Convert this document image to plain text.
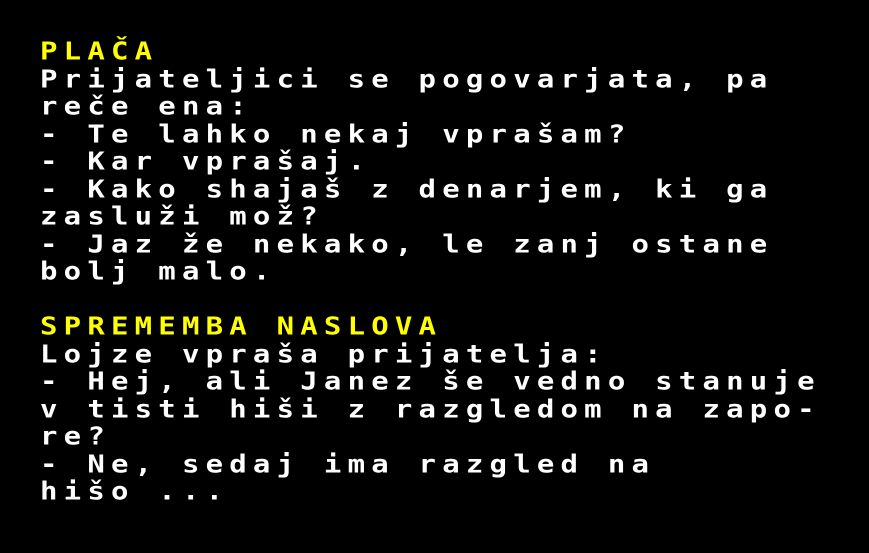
PLAČA
Prijateljici se pogovarjata, pa
reče ena:
- Te lahko nekaj vprašam?
- Kar vprašaj.
- Kako shajaš z denarjem, ki ga
zasluži mož?
- Jaz že nekako, le zanj ostane
bolj malo.
SPREMEMBA NASLOVA
Lojze vpraša prijatelja:
- Hej, ali Janez še vedno stanuje
v tisti hiši z razgledom na zapo-
re?
- Ne, sedaj ima razgled na
hišo ...
